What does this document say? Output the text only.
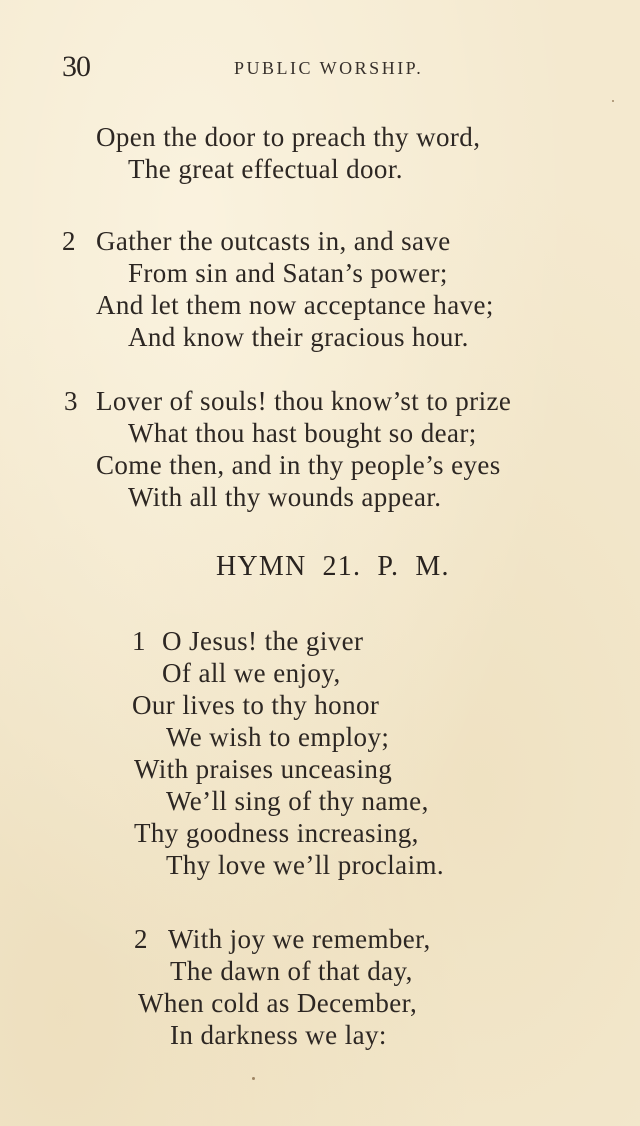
30	PUBLIC WORSHIP.
Open the door to preach thy word,
The great effectual door.
2 Gather the outcasts in, and save
From sin and Satan’s power;
And let them now acceptance have;
And know their gracious hour.
3 Lover of souls! thou know’st to prize
What thou hast bought so dear;
Come then, and in thy people’s eyes
With all thy wounds appear.
HYMN 21. P. M.
1 O Jesus! the giver
Of all we enjoy,
Our lives to thy honor
We wish to employ;
With praises unceasing
We’ll sing of thy name,
Thy goodness increasing,
Thy love we’ll proclaim.
2 With joy we remember,
The dawn of that day,
When cold as December,
In darkness we lay:
